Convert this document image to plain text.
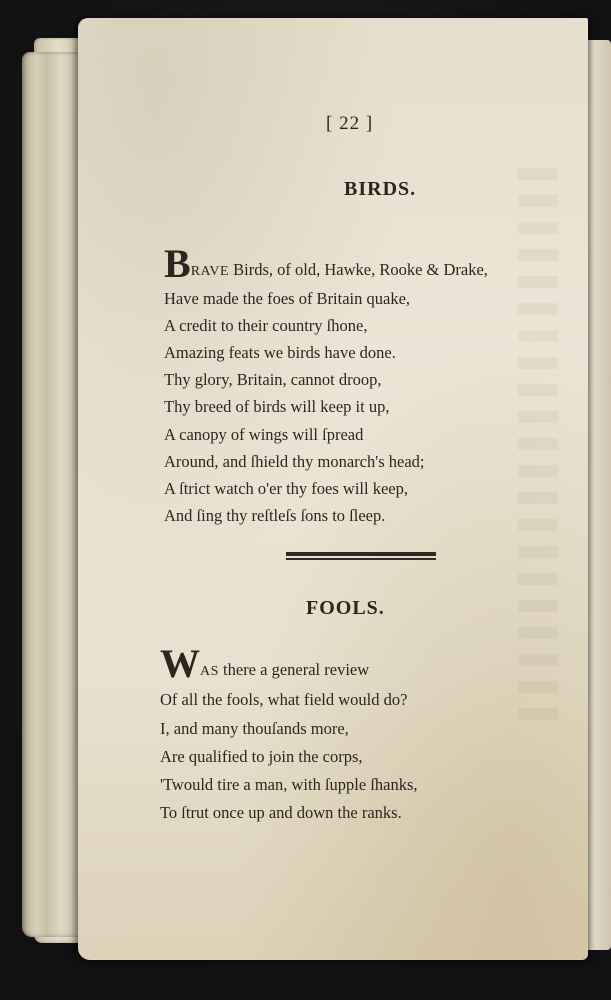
[ 22 ]
BIRDS.
BRAVE Birds, of old, Hawke, Rooke & Drake,
Have made the foes of Britain quake,
A credit to their country ſhone,
Amazing feats we birds have done.
Thy glory, Britain, cannot droop,
Thy breed of birds will keep it up,
A canopy of wings will ſpread
Around, and ſhield thy monarch's head;
A ſtrict watch o'er thy foes will keep,
And ſing thy reſtleſs ſons to ſleep.
FOOLS.
WAS there a general review
Of all the fools, what field would do?
I, and many thouſands more,
Are qualified to join the corps,
'Twould tire a man, with ſupple ſhanks,
To ſtrut once up and down the ranks.
